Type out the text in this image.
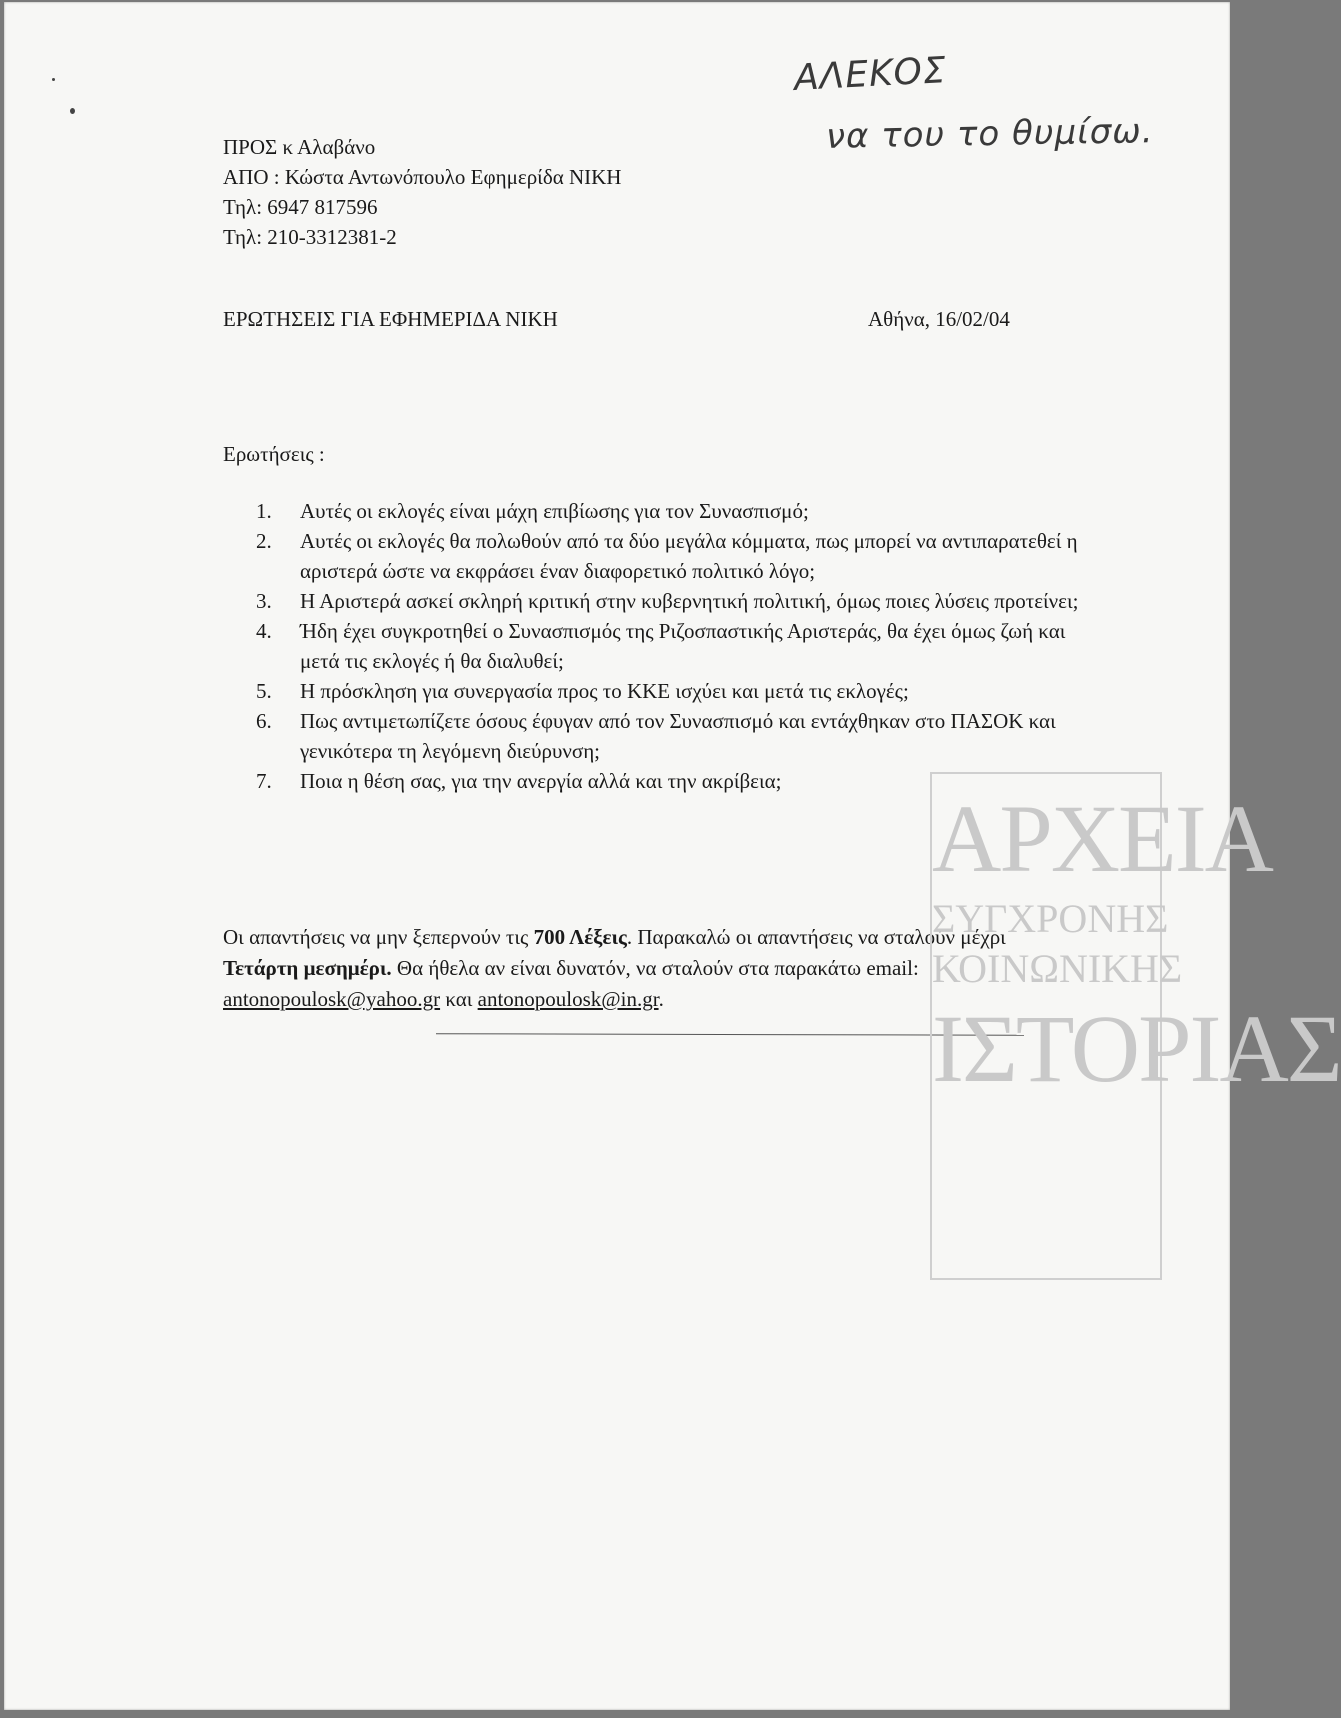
ΑΛΕΚΟΣ
να του το θυμίσω.
ΠΡΟΣ κ Αλαβάνο
ΑΠΟ : Κώστα Αντωνόπουλο Εφημερίδα ΝΙΚΗ
Τηλ: 6947 817596
Τηλ: 210-3312381-2
ΕΡΩΤΗΣΕΙΣ ΓΙΑ ΕΦΗΜΕΡΙΔΑ ΝΙΚΗ	Αθήνα, 16/02/04
Ερωτήσεις :
1.	Αυτές οι εκλογές είναι μάχη επιβίωσης για τον Συνασπισμό;
2.	Αυτές οι εκλογές θα πολωθούν από τα δύο μεγάλα κόμματα, πως μπορεί να αντιπαρατεθεί η αριστερά ώστε να εκφράσει έναν διαφορετικό πολιτικό λόγο;
3.	Η Αριστερά ασκεί σκληρή κριτική στην κυβερνητική πολιτική, όμως ποιες λύσεις προτείνει;
4.	Ήδη έχει συγκροτηθεί ο Συνασπισμός της Ριζοσπαστικής Αριστεράς, θα έχει όμως ζωή και μετά τις εκλογές ή θα διαλυθεί;
5.	Η πρόσκληση για συνεργασία προς το ΚΚΕ ισχύει και μετά τις εκλογές;
6.	Πως αντιμετωπίζετε όσους έφυγαν από τον Συνασπισμό και εντάχθηκαν στο ΠΑΣΟΚ και γενικότερα τη λεγόμενη διεύρυνση;
7.	Ποια η θέση σας, για την ανεργία αλλά και την ακρίβεια;
Οι απαντήσεις να μην ξεπερνούν τις 700 Λέξεις. Παρακαλώ οι απαντήσεις να σταλούν μέχρι Τετάρτη μεσημέρι. Θα ήθελα αν είναι δυνατόν, να σταλούν στα παρακάτω email: antonopoulosk@yahoo.gr και antonopoulosk@in.gr.
ΑΡΧΕΙΑ
ΣΥΓΧΡΟΝΗΣ
ΚΟΙΝΩΝΙΚΗΣ
ΙΣΤΟΡΙΑΣ
